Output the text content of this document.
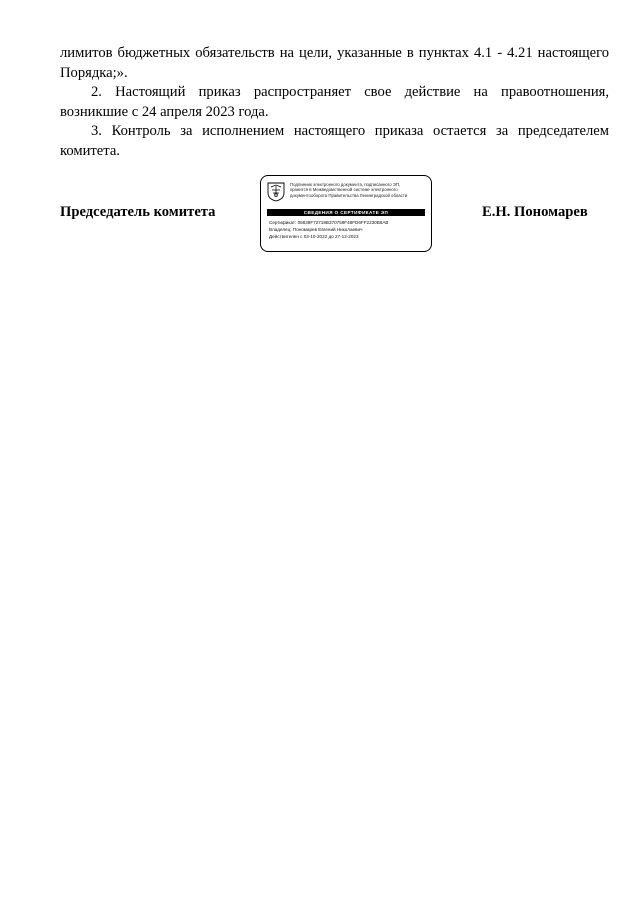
лимитов бюджетных обязательств на цели, указанные в пунктах 4.1 - 4.21 настоящего Порядка;».

2. Настоящий приказ распространяет свое действие на правоотношения, возникшие с 24 апреля 2023 года.

3. Контроль за исполнением настоящего приказа остается за председателем комитета.

Председатель комитета
Подлинник электронного документа, подписанного ЭП,
хранится в Межведомственной системе электронного
документооборота Правительства Ленинградской области
СВЕДЕНИЯ О СЕРТИФИКАТЕ ЭП
Сертификат: 06839F72718B370759F48FD6FF2230B6AB
Владелец: Пономарев Евгений Николаевич
Действителен с 03-10-2022 до 27-12-2023
Е.Н. Пономарев
